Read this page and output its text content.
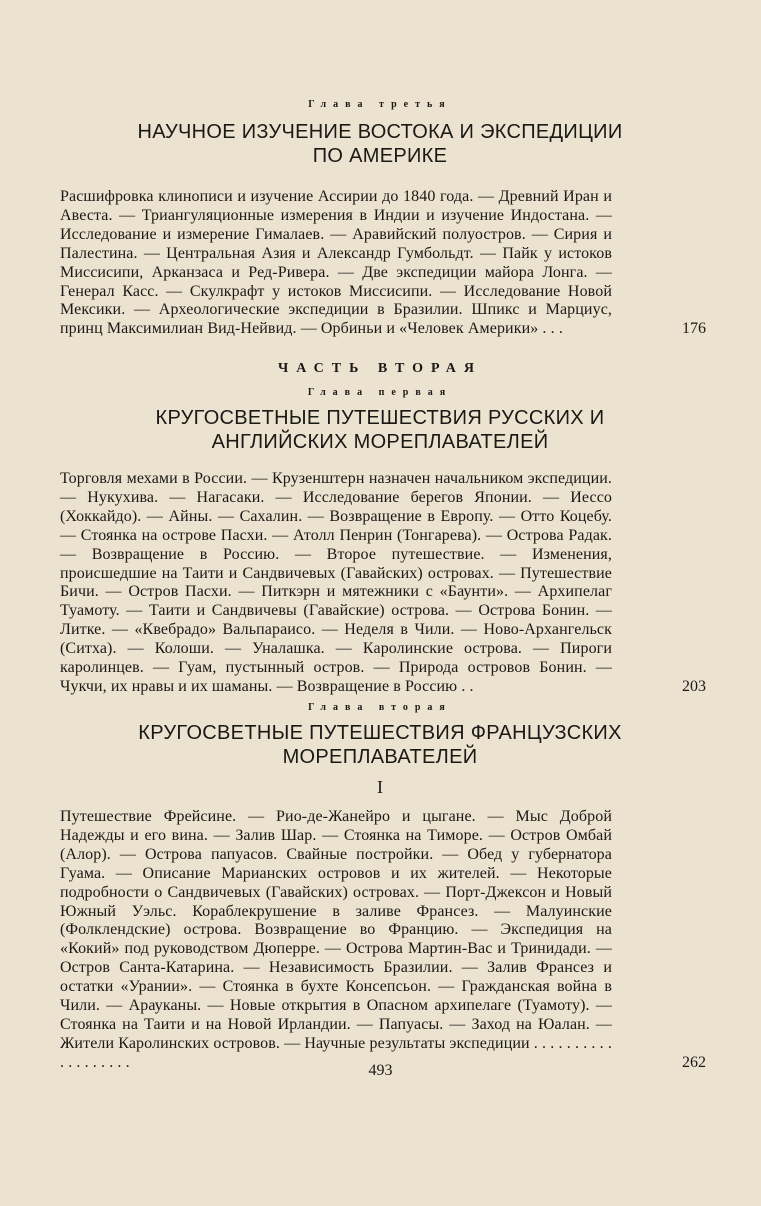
Глава третья

НАУЧНОЕ ИЗУЧЕНИЕ ВОСТОКА И ЭКСПЕДИЦИИ

ПО АМЕРИКЕ

Расшифровка клинописи и изучение Ассирии до 1840 года. — Древний Иран и Авеста. — Триангуляционные измерения в Индии и изучение Индостана. — Исследование и измерение Гималаев. — Аравийский полуостров. — Сирия и Палестина. — Центральная Азия и Александр Гумбольдт. — Пайк у истоков Миссисипи, Арканзаса и Ред-Ривера. — Две экспедиции майора Лонга. — Генерал Касс. — Скулкрафт у истоков Миссисипи. — Исследование Новой Мексики. — Археологические экспедиции в Бразилии. Шпикс и Марциус, принц Максимилиан Вид-Нейвид. — Орбиньи и «Человек Америки» . . .	176

ЧАСТЬ ВТОРАЯ

Глава первая

КРУГОСВЕТНЫЕ ПУТЕШЕСТВИЯ РУССКИХ И

АНГЛИЙСКИХ МОРЕПЛАВАТЕЛЕЙ

Торговля мехами в России. — Крузенштерн назначен начальником экспедиции. — Нукухива. — Нагасаки. — Исследование берегов Японии. — Иессо (Хоккайдо). — Айны. — Сахалин. — Возвращение в Европу. — Отто Коцебу. — Стоянка на острове Пасхи. — Атолл Пенрин (Тонгарева). — Острова Радак. — Возвращение в Россию. — Второе путешествие. — Изменения, происшедшие на Таити и Сандвичевых (Гавайских) островах. — Путешествие Бичи. — Остров Пасхи. — Питкэрн и мятежники с «Баунти». — Архипелаг Туамоту. — Таити и Сандвичевы (Гавайские) острова. — Острова Бонин. — Литке. — «Квебрадо» Вальпараисо. — Неделя в Чили. — Ново-Архангельск (Ситха). — Колоши. — Уналашка. — Каролинские острова. — Пироги каролинцев. — Гуам, пустынный остров. — Природа островов Бонин. — Чукчи, их нравы и их шаманы. — Возвращение в Россию . .	203

Глава вторая

КРУГОСВЕТНЫЕ ПУТЕШЕСТВИЯ ФРАНЦУЗСКИХ

МОРЕПЛАВАТЕЛЕЙ

I

Путешествие Фрейсине. — Рио-де-Жанейро и цыгане. — Мыс Доброй Надежды и его вина. — Залив Шар. — Стоянка на Тиморе. — Остров Омбай (Алор). — Острова папуасов. Свайные постройки. — Обед у губернатора Гуама. — Описание Марианских островов и их жителей. — Некоторые подробности о Сандвичевых (Гавайских) островах. — Порт-Джексон и Новый Южный Уэльс. Кораблекрушение в заливе Франсез. — Малуинские (Фолклендские) острова. Возвращение во Францию. — Экспедиция на «Кокий» под руководством Дюперре. — Острова Мартин-Вас и Тринидади. — Остров Санта-Катарина. — Независимость Бразилии. — Залив Франсез и остатки «Урании». — Стоянка в бухте Консепсьон. — Гражданская война в Чили. — Арауканы. — Новые открытия в Опасном архипелаге (Туамоту). — Стоянка на Таити и на Новой Ирландии. — Папуасы. — Заход на Юалан. — Жители Каролинских островов. — Научные результаты экспедиции . . . . . . . . . . . . . . . . . . .	262
493
